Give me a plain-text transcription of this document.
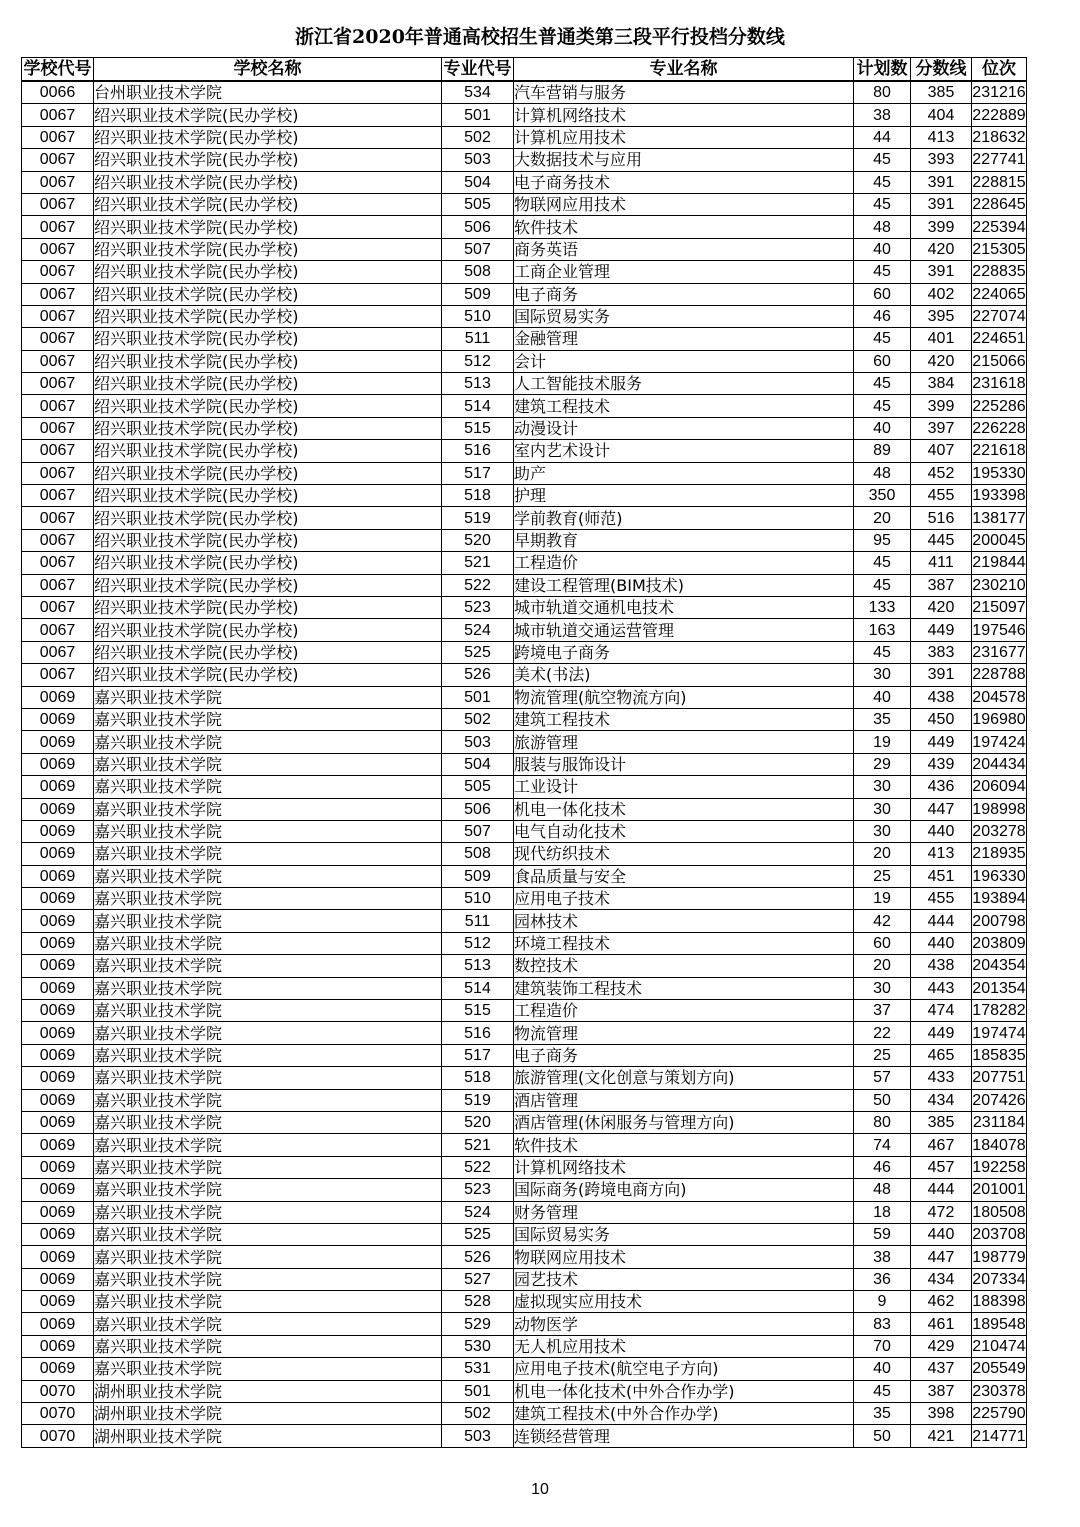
浙江省2020年普通高校招生普通类第三段平行投档分数线
学校代号	学校名称	专业代号	专业名称	计划数	分数线	位次
0066	台州职业技术学院	534	汽车营销与服务	80	385	231216
0067	绍兴职业技术学院(民办学校)	501	计算机网络技术	38	404	222889
0067	绍兴职业技术学院(民办学校)	502	计算机应用技术	44	413	218632
0067	绍兴职业技术学院(民办学校)	503	大数据技术与应用	45	393	227741
0067	绍兴职业技术学院(民办学校)	504	电子商务技术	45	391	228815
0067	绍兴职业技术学院(民办学校)	505	物联网应用技术	45	391	228645
0067	绍兴职业技术学院(民办学校)	506	软件技术	48	399	225394
0067	绍兴职业技术学院(民办学校)	507	商务英语	40	420	215305
0067	绍兴职业技术学院(民办学校)	508	工商企业管理	45	391	228835
0067	绍兴职业技术学院(民办学校)	509	电子商务	60	402	224065
0067	绍兴职业技术学院(民办学校)	510	国际贸易实务	46	395	227074
0067	绍兴职业技术学院(民办学校)	511	金融管理	45	401	224651
0067	绍兴职业技术学院(民办学校)	512	会计	60	420	215066
0067	绍兴职业技术学院(民办学校)	513	人工智能技术服务	45	384	231618
0067	绍兴职业技术学院(民办学校)	514	建筑工程技术	45	399	225286
0067	绍兴职业技术学院(民办学校)	515	动漫设计	40	397	226228
0067	绍兴职业技术学院(民办学校)	516	室内艺术设计	89	407	221618
0067	绍兴职业技术学院(民办学校)	517	助产	48	452	195330
0067	绍兴职业技术学院(民办学校)	518	护理	350	455	193398
0067	绍兴职业技术学院(民办学校)	519	学前教育(师范)	20	516	138177
0067	绍兴职业技术学院(民办学校)	520	早期教育	95	445	200045
0067	绍兴职业技术学院(民办学校)	521	工程造价	45	411	219844
0067	绍兴职业技术学院(民办学校)	522	建设工程管理(BIM技术)	45	387	230210
0067	绍兴职业技术学院(民办学校)	523	城市轨道交通机电技术	133	420	215097
0067	绍兴职业技术学院(民办学校)	524	城市轨道交通运营管理	163	449	197546
0067	绍兴职业技术学院(民办学校)	525	跨境电子商务	45	383	231677
0067	绍兴职业技术学院(民办学校)	526	美术(书法)	30	391	228788
0069	嘉兴职业技术学院	501	物流管理(航空物流方向)	40	438	204578
0069	嘉兴职业技术学院	502	建筑工程技术	35	450	196980
0069	嘉兴职业技术学院	503	旅游管理	19	449	197424
0069	嘉兴职业技术学院	504	服装与服饰设计	29	439	204434
0069	嘉兴职业技术学院	505	工业设计	30	436	206094
0069	嘉兴职业技术学院	506	机电一体化技术	30	447	198998
0069	嘉兴职业技术学院	507	电气自动化技术	30	440	203278
0069	嘉兴职业技术学院	508	现代纺织技术	20	413	218935
0069	嘉兴职业技术学院	509	食品质量与安全	25	451	196330
0069	嘉兴职业技术学院	510	应用电子技术	19	455	193894
0069	嘉兴职业技术学院	511	园林技术	42	444	200798
0069	嘉兴职业技术学院	512	环境工程技术	60	440	203809
0069	嘉兴职业技术学院	513	数控技术	20	438	204354
0069	嘉兴职业技术学院	514	建筑装饰工程技术	30	443	201354
0069	嘉兴职业技术学院	515	工程造价	37	474	178282
0069	嘉兴职业技术学院	516	物流管理	22	449	197474
0069	嘉兴职业技术学院	517	电子商务	25	465	185835
0069	嘉兴职业技术学院	518	旅游管理(文化创意与策划方向)	57	433	207751
0069	嘉兴职业技术学院	519	酒店管理	50	434	207426
0069	嘉兴职业技术学院	520	酒店管理(休闲服务与管理方向)	80	385	231184
0069	嘉兴职业技术学院	521	软件技术	74	467	184078
0069	嘉兴职业技术学院	522	计算机网络技术	46	457	192258
0069	嘉兴职业技术学院	523	国际商务(跨境电商方向)	48	444	201001
0069	嘉兴职业技术学院	524	财务管理	18	472	180508
0069	嘉兴职业技术学院	525	国际贸易实务	59	440	203708
0069	嘉兴职业技术学院	526	物联网应用技术	38	447	198779
0069	嘉兴职业技术学院	527	园艺技术	36	434	207334
0069	嘉兴职业技术学院	528	虚拟现实应用技术	9	462	188398
0069	嘉兴职业技术学院	529	动物医学	83	461	189548
0069	嘉兴职业技术学院	530	无人机应用技术	70	429	210474
0069	嘉兴职业技术学院	531	应用电子技术(航空电子方向)	40	437	205549
0070	湖州职业技术学院	501	机电一体化技术(中外合作办学)	45	387	230378
0070	湖州职业技术学院	502	建筑工程技术(中外合作办学)	35	398	225790
0070	湖州职业技术学院	503	连锁经营管理	50	421	214771
10
